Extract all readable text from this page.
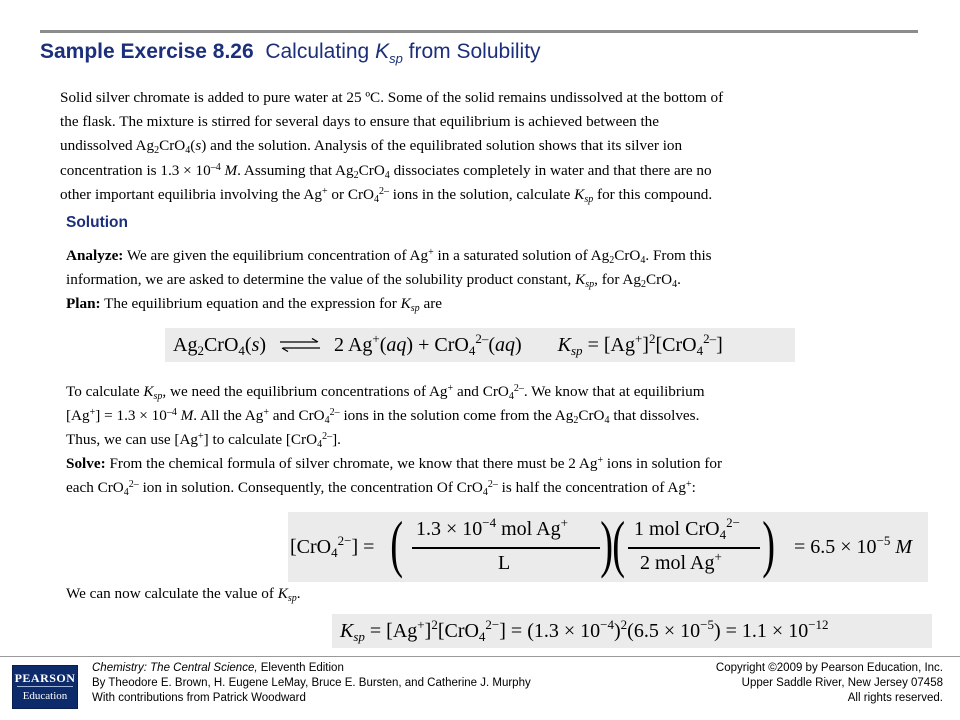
Sample Exercise 8.26 Calculating $K_{sp}$ from Solubility
Solid silver chromate is added to pure water at 25 ºC. Some of the solid remains undissolved at the bottom of
the flask. The mixture is stirred for several days to ensure that equilibrium is achieved between the
undissolved $Ag_2CrO_4(s)$ and the solution. Analysis of the equilibrated solution shows that its silver ion
concentration is $1.3 \times 10^{-4}$ M. Assuming that $Ag_2CrO_4$ dissociates completely in water and that there are no
other important equilibria involving the Ag+ or CrO$_4^{2-}$ ions in the solution, calculate $K_{sp}$ for this compound.
Solution
Analyze: We are given the equilibrium concentration of Ag+ in a saturated solution of $Ag_2CrO_4$. From this
information, we are asked to determine the value of the solubility product constant, $K_{sp}$, for $Ag_2CrO_4$.
Plan: The equilibrium equation and the expression for $K_{sp}$ are
$Ag_2CrO_4(s)$ ⇌ 2 Ag+(aq) + CrO$_4^{2-}$(aq) $K_{sp} = [Ag^+]^2[CrO_4^{2-}]$
To calculate $K_{sp}$, we need the equilibrium concentrations of Ag+ and CrO$_4^{2-}$. We know that at equilibrium
$[Ag^+] = 1.3 \times 10^{-4}$ M. All the Ag+ and CrO$_4^{2-}$ ions in the solution come from the $Ag_2CrO_4$ that dissolves.
Thus, we can use [Ag+] to calculate [CrO$_4^{2-}$].
Solve: From the chemical formula of silver chromate, we know that there must be 2 Ag+ ions in solution for
each CrO$_4^{2-}$ ion in solution. Consequently, the concentration Of CrO$_4^{2-}$ is half the concentration of Ag+:
[CrO$_4^{2-}$] = ( $1.3 \times 10^{-4}$ mol Ag+
L ) ( 1 mol CrO$_4^{2-}$
2 mol Ag+ ) = $6.5 \times 10^{-5}$ M
We can now calculate the value of $K_{sp}$.
$K_{sp} = [Ag^+]^2[CrO_4^{2-}] = (1.3 \times 10^{-4})^2(6.5 \times 10^{-5}) = 1.1 \times 10^{-12}$
PEARSON
Education
Chemistry: The Central Science, Eleventh Edition
By Theodore E. Brown, H. Eugene LeMay, Bruce E. Bursten, and Catherine J. Murphy
With contributions from Patrick Woodward
Copyright ©2009 by Pearson Education, Inc.
Upper Saddle River, New Jersey 07458
All rights reserved.
